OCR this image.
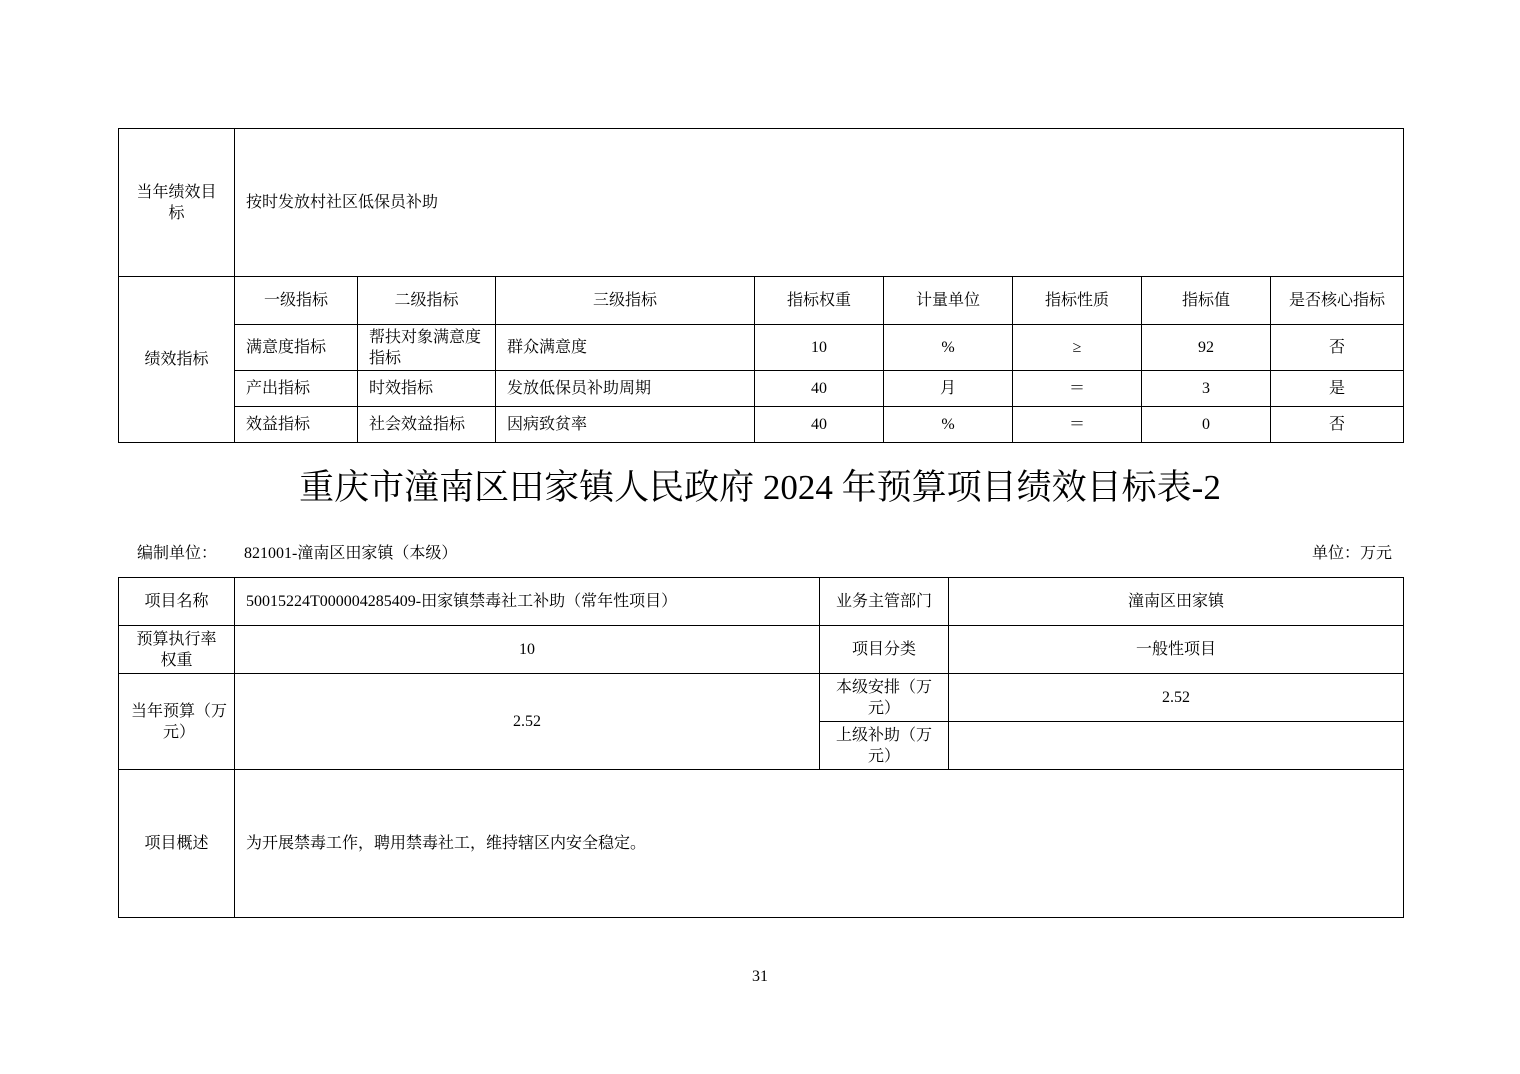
当年绩效目标	按时发放村社区低保员补助							
绩效指标	一级指标	二级指标	三级指标	指标权重	计量单位	指标性质	指标值	是否核心指标
	满意度指标	帮扶对象满意度指标	群众满意度	10	%	≥	92	否
	产出指标	时效指标	发放低保员补助周期	40	月	＝	3	是
	效益指标	社会效益指标	因病致贫率	40	%	＝	0	否
重庆市潼南区田家镇人民政府 2024 年预算项目绩效目标表-2
编制单位： 821001-潼南区田家镇（本级）	单位：万元
项目名称	50015224T000004285409-田家镇禁毒社工补助（常年性项目）	业务主管部门	潼南区田家镇
预算执行率权重	10	项目分类	一般性项目
当年预算（万元）	2.52	本级安排（万元）	2.52
		上级补助（万元）	
项目概述	为开展禁毒工作，聘用禁毒社工，维持辖区内安全稳定。		
31
